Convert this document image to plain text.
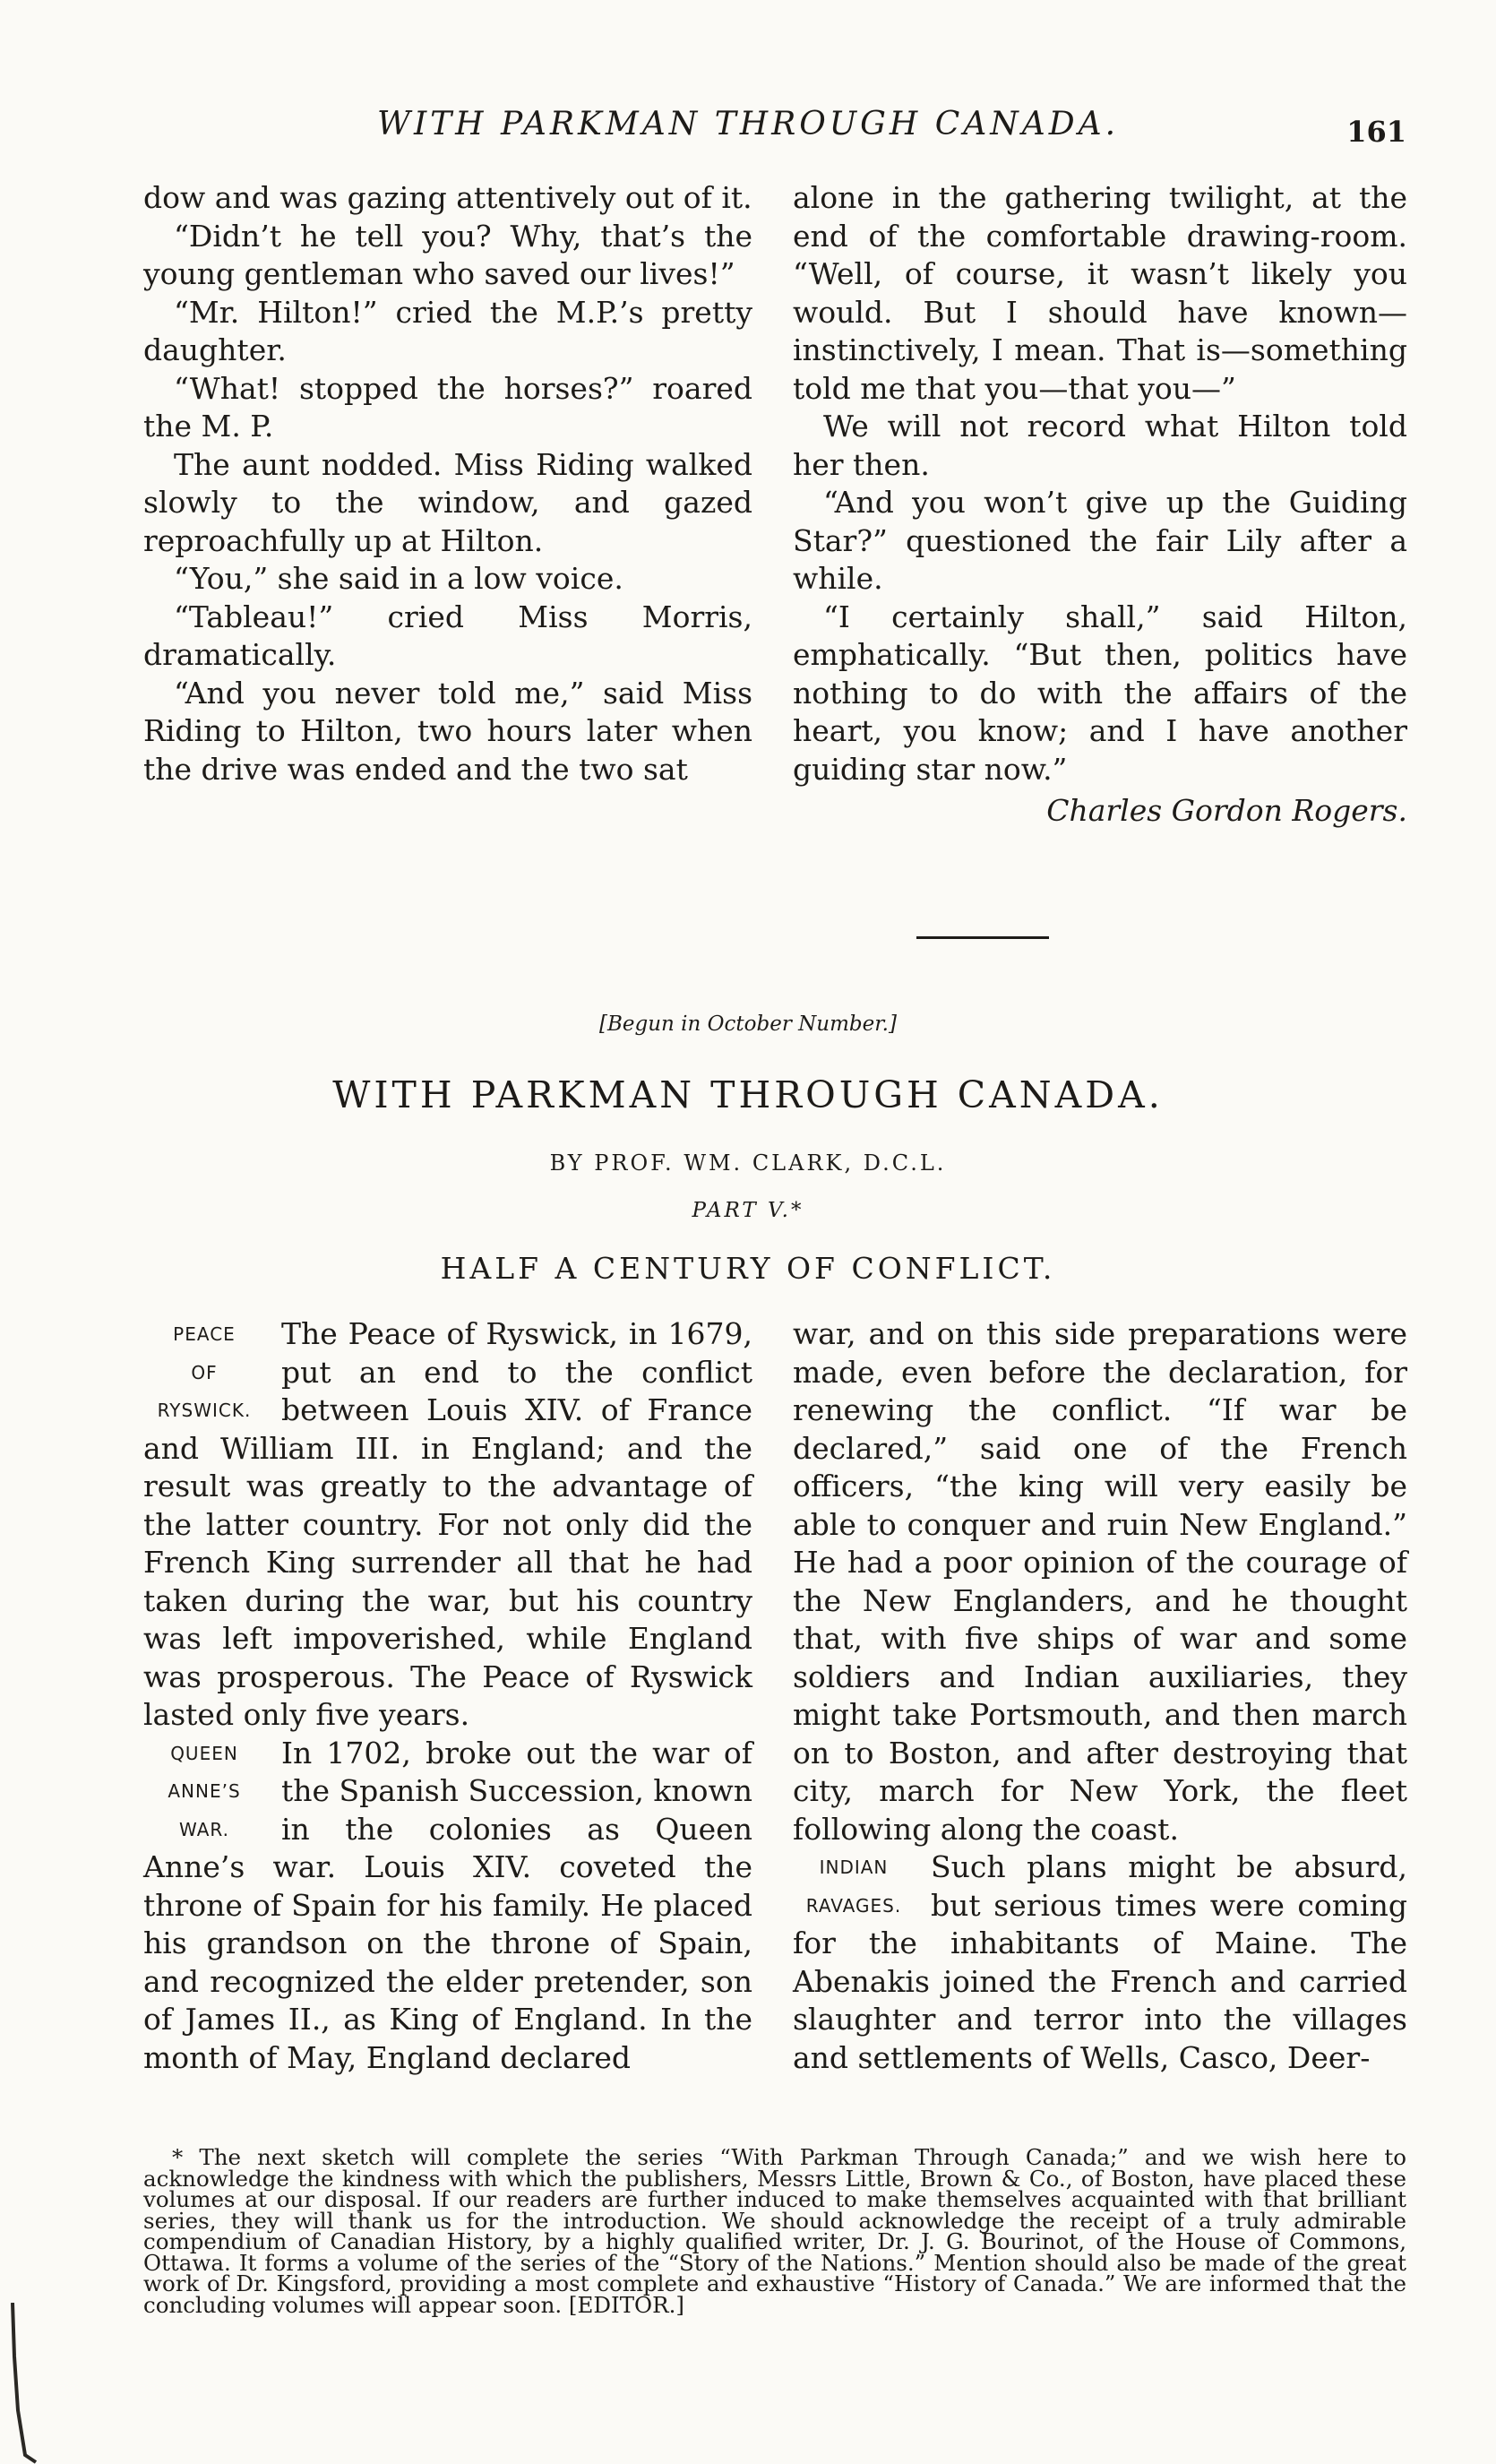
WITH PARKMAN THROUGH CANADA.	161

dow and was gazing attentively out of it.

“Didn’t he tell you? Why, that’s the young gentleman who saved our lives!”

“Mr. Hilton!” cried the M.P.’s pretty daughter.

“What! stopped the horses?” roared the M. P.

The aunt nodded. Miss Riding walked slowly to the window, and gazed reproachfully up at Hilton.

“You,” she said in a low voice.

“Tableau!” cried Miss Morris, dramatically.

“And you never told me,” said Miss Riding to Hilton, two hours later when the drive was ended and the two sat

alone in the gathering twilight, at the end of the comfortable drawing-room. “Well, of course, it wasn’t likely you would. But I should have known—instinctively, I mean. That is—something told me that you—that you—”

We will not record what Hilton told her then.

“And you won’t give up the Guiding Star?” questioned the fair Lily after a while.

“I certainly shall,” said Hilton, emphatically. “But then, politics have nothing to do with the affairs of the heart, you know; and I have another guiding star now.”

Charles Gordon Rogers.

[Begun in October Number.]
WITH PARKMAN THROUGH CANADA.
BY PROF. WM. CLARK, D.C.L.
PART V.*
HALF A CENTURY OF CONFLICT.

PEACE
OF
RYSWICK.
The Peace of Ryswick, in 1679, put an end to the conflict between Louis XIV. of France and William III. in England; and the result was greatly to the advantage of the latter country. For not only did the French King surrender all that he had taken during the war, but his country was left impoverished, while England was prosperous. The Peace of Ryswick lasted only five years.

QUEEN
ANNE’S
WAR.
In 1702, broke out the war of the Spanish Succession, known in the colonies as Queen Anne’s war. Louis XIV. coveted the throne of Spain for his family. He placed his grandson on the throne of Spain, and recognized the elder pretender, son of James II., as King of England. In the month of May, England declared

war, and on this side preparations were made, even before the declaration, for renewing the conflict. “If war be declared,” said one of the French officers, “the king will very easily be able to conquer and ruin New England.” He had a poor opinion of the courage of the New Englanders, and he thought that, with five ships of war and some soldiers and Indian auxiliaries, they might take Portsmouth, and then march on to Boston, and after destroying that city, march for New York, the fleet following along the coast.

INDIAN
RAVAGES.
Such plans might be absurd, but serious times were coming for the inhabitants of Maine. The Abenakis joined the French and carried slaughter and terror into the villages and settlements of Wells, Casco, Deer-

* The next sketch will complete the series “With Parkman Through Canada;” and we wish here to acknowledge the kindness with which the publishers, Messrs Little, Brown & Co., of Boston, have placed these volumes at our disposal. If our readers are further induced to make themselves acquainted with that brilliant series, they will thank us for the introduction. We should acknowledge the receipt of a truly admirable compendium of Canadian History, by a highly qualified writer, Dr. J. G. Bourinot, of the House of Commons, Ottawa. It forms a volume of the series of the “Story of the Nations.” Mention should also be made of the great work of Dr. Kingsford, providing a most complete and exhaustive “History of Canada.” We are informed that the concluding volumes will appear soon. [EDITOR.]
